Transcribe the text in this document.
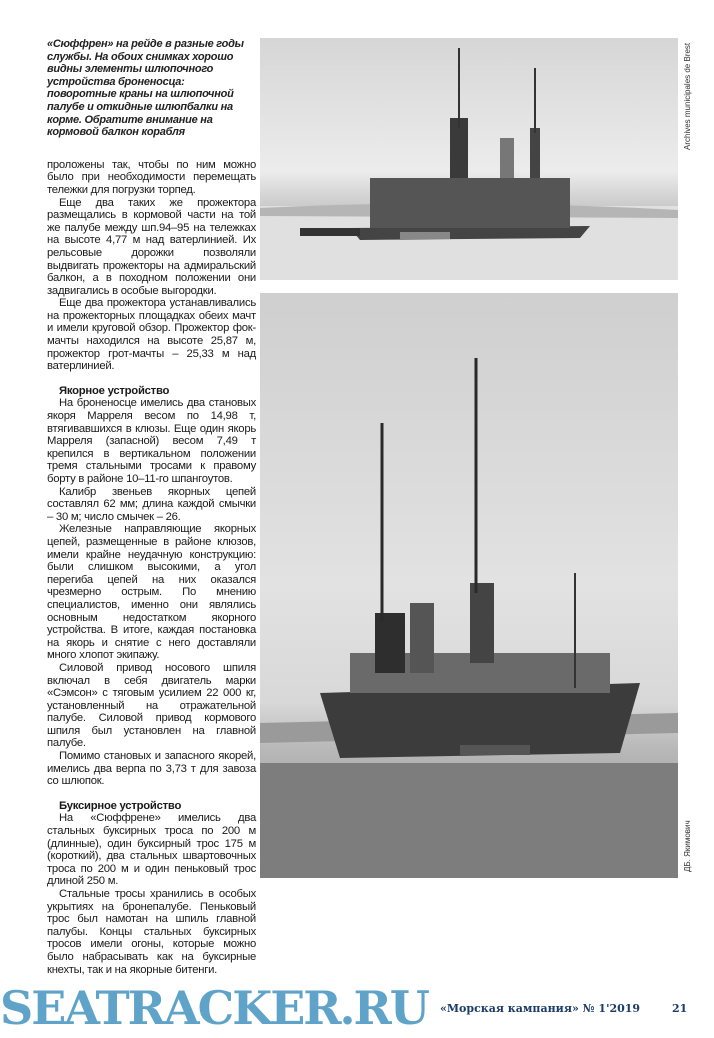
«Сюффрен» на рейде в разные годы службы. На обоих снимках хорошо видны элементы шлюпочного устройства броненосца: поворотные краны на шлюпочной палубе и откидные шлюпбалки на корме. Обратите внимание на кормовой балкон корабля

проложены так, чтобы по ним можно было при необходимости перемещать тележки для погрузки торпед.

Еще два таких же прожектора размещались в кормовой части на той же палубе между шп.94–95 на тележках на высоте 4,77 м над ватерлинией. Их рельсовые дорожки позволяли выдвигать прожекторы на адмиральский балкон, а в походном положении они задвигались в особые выгородки.

Еще два прожектора устанавливались на прожекторных площадках обеих мачт и имели круговой обзор. Прожектор фок-мачты находился на высоте 25,87 м, прожектор грот-мачты – 25,33 м над ватерлинией.

Якорное устройство

На броненосце имелись два становых якоря Марреля весом по 14,98 т, втягивавшихся в клюзы. Еще один якорь Марреля (запасной) весом 7,49 т крепился в вертикальном положении тремя стальными тросами к правому борту в районе 10–11-го шпангоутов.

Калибр звеньев якорных цепей составлял 62 мм; длина каждой смычки – 30 м; число смычек – 26.

Железные направляющие якорных цепей, размещенные в районе клюзов, имели крайне неудачную конструкцию: были слишком высокими, а угол перегиба цепей на них оказался чрезмерно острым. По мнению специалистов, именно они являлись основным недостатком якорного устройства. В итоге, каждая постановка на якорь и снятие с него доставляли много хлопот экипажу.

Силовой привод носового шпиля включал в себя двигатель марки «Сэмсон» с тяговым усилием 22 000 кг, установленный на отражательной палубе. Силовой привод кормового шпиля был установлен на главной палубе.

Помимо становых и запасного якорей, имелись два верпа по 3,73 т для завоза со шлюпок.

Буксирное устройство

На «Сюффрене» имелись два стальных буксирных троса по 200 м (длинные), один буксирный трос 175 м (короткий), два стальных швартовочных троса по 200 м и один пеньковый трос длиной 250 м.

Стальные тросы хранились в особых укрытиях на бронепалубе. Пеньковый трос был намотан на шпиль главной палубы. Концы стальных буксирных тросов имели огоны, которые можно было набрасывать как на буксирные кнехты, так и на якорные битенги.

Archives municipales de Brest
ДБ. Якимович
SEATRACKER.RU «Морская кампания» № 1'2019	21
